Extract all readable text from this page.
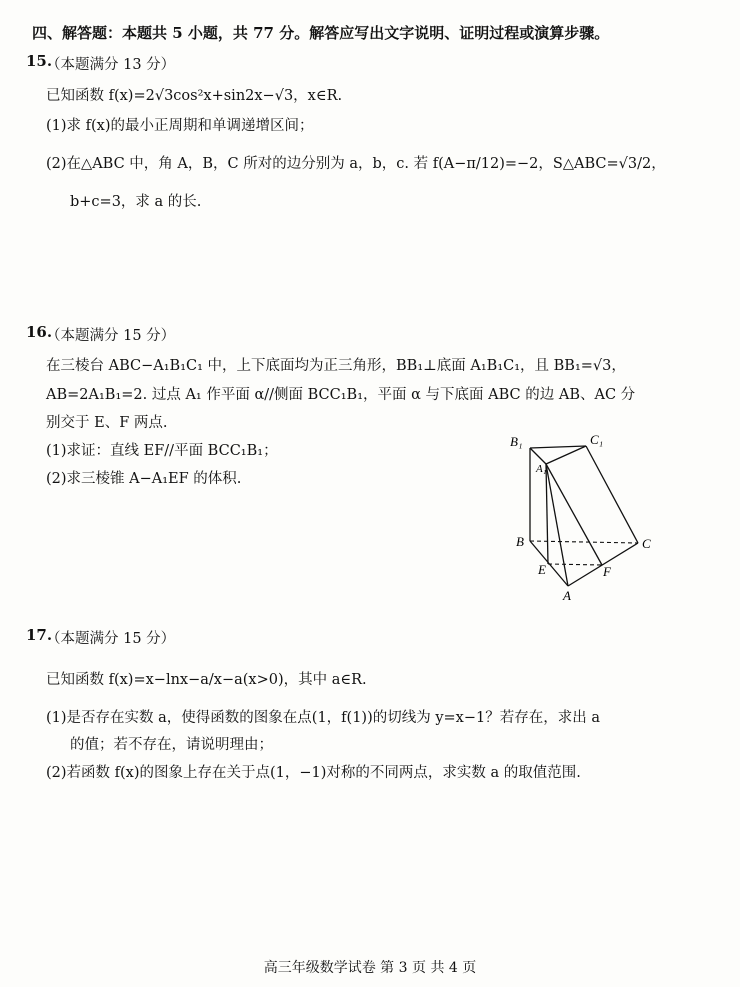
四、解答题：本题共 5 小题，共 77 分。解答应写出文字说明、证明过程或演算步骤。
15.
（本题满分 13 分）
已知函数 f(x)=2√3cos²x+sin2x−√3，x∈R.
(1)求 f(x)的最小正周期和单调递增区间；
(2)在△ABC 中，角 A，B，C 所对的边分别为 a，b，c. 若 f(A−π/12)=−2，S△ABC=√3/2，
b+c=3，求 a 的长.
16.
（本题满分 15 分）
在三棱台 ABC−A₁B₁C₁ 中，上下底面均为正三角形，BB₁⊥底面 A₁B₁C₁，且 BB₁=√3，
AB=2A₁B₁=2. 过点 A₁ 作平面 α//侧面 BCC₁B₁，平面 α 与下底面 ABC 的边 AB、AC 分
别交于 E、F 两点.
(1)求证：直线 EF//平面 BCC₁B₁；
(2)求三棱锥 A−A₁EF 的体积.
B₁	C₁
A₁
B	C
E	F
A
17.
（本题满分 15 分）
已知函数 f(x)=x−lnx−a/x−a(x>0)，其中 a∈R.
(1)是否存在实数 a，使得函数的图象在点(1，f(1))的切线为 y=x−1？若存在，求出 a
的值；若不存在，请说明理由；
(2)若函数 f(x)的图象上存在关于点(1，−1)对称的不同两点，求实数 a 的取值范围.
高三年级数学试卷 第 3 页 共 4 页
